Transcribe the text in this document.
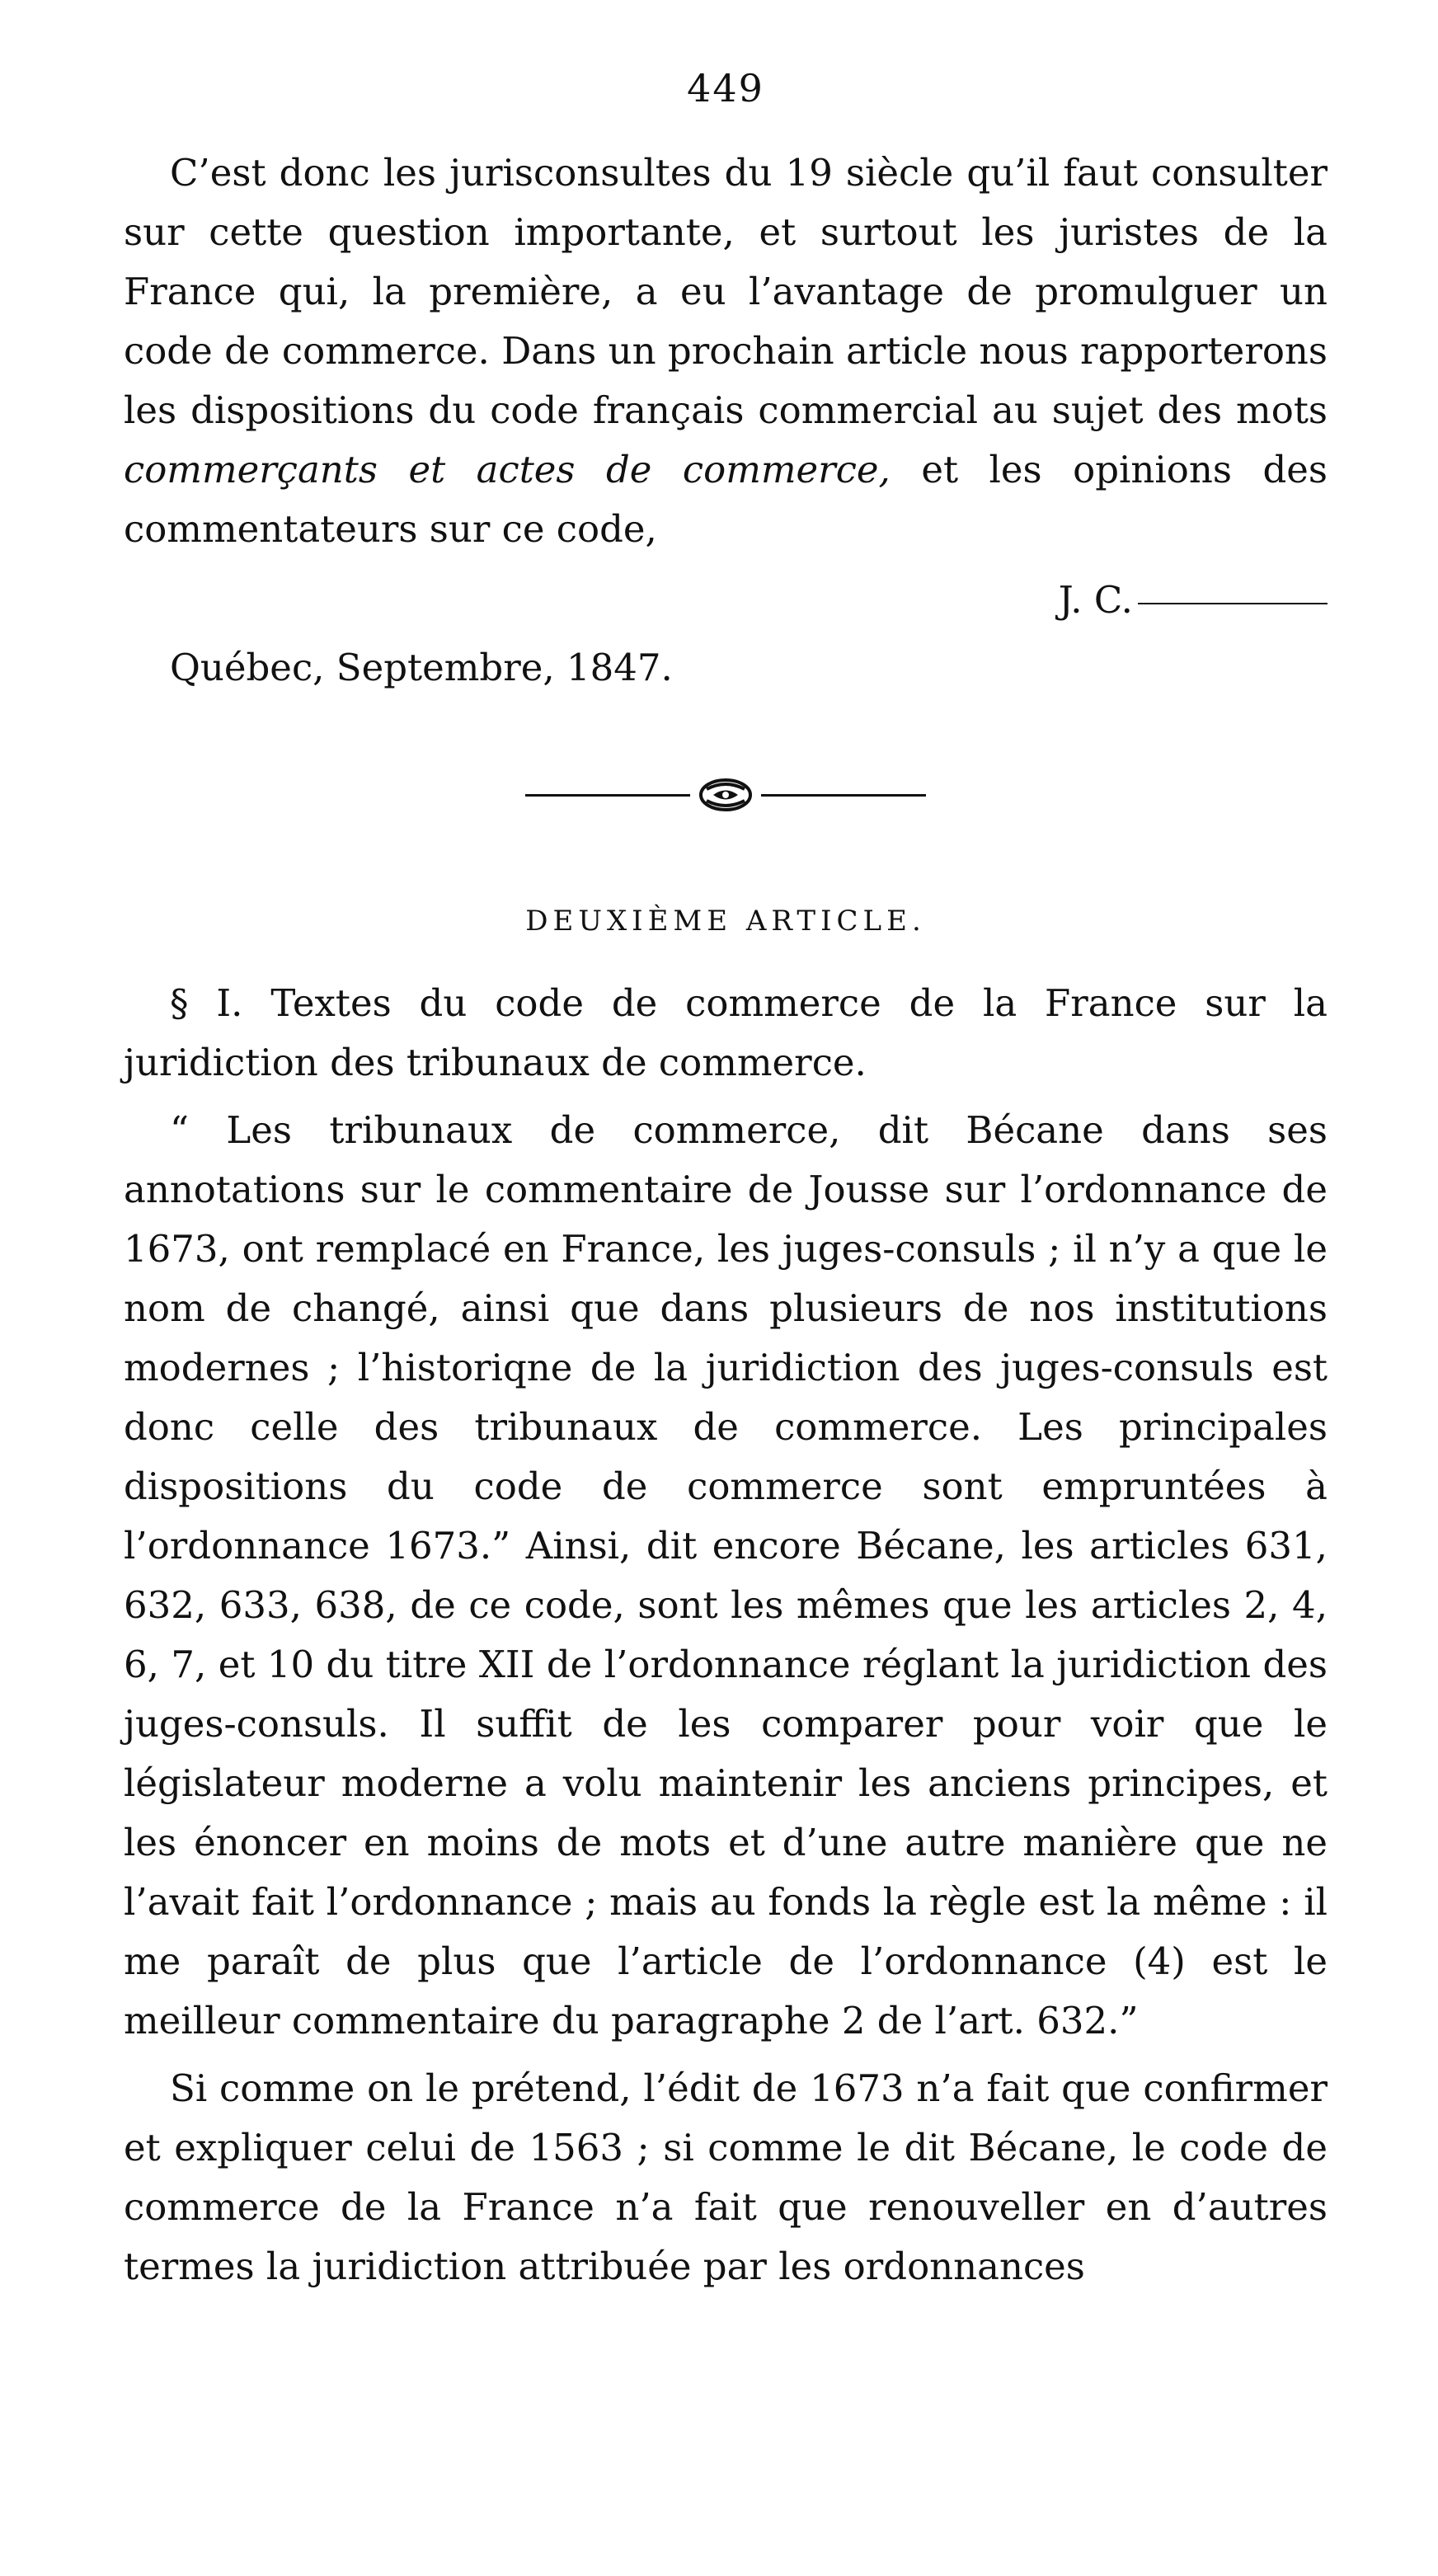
449

C’est donc les jurisconsultes du 19 siècle qu’il faut consulter sur cette question importante, et surtout les juristes de la France qui, la première, a eu l’avantage de promulguer un code de commerce. Dans un prochain article nous rapporterons les dispositions du code français commercial au sujet des mots commerçants et actes de commerce, et les opinions des commentateurs sur ce code,

J. C.
Québec, Septembre, 1847.
DEUXIÈME ARTICLE.

§ I. Textes du code de commerce de la France sur la juridiction des tribunaux de commerce.

“ Les tribunaux de commerce, dit Bécane dans ses annotations sur le commentaire de Jousse sur l’ordonnance de 1673, ont remplacé en France, les juges-consuls ; il n’y a que le nom de changé, ainsi que dans plusieurs de nos institutions modernes ; l’historiqne de la juridiction des juges-consuls est donc celle des tribunaux de commerce. Les principales dispositions du code de commerce sont empruntées à l’ordonnance 1673.” Ainsi, dit encore Bécane, les articles 631, 632, 633, 638, de ce code, sont les mêmes que les articles 2, 4, 6, 7, et 10 du titre XII de l’ordonnance réglant la juridiction des juges-consuls. Il suffit de les comparer pour voir que le législateur moderne a volu maintenir les anciens principes, et les énoncer en moins de mots et d’une autre manière que ne l’avait fait l’ordonnance ; mais au fonds la règle est la même : il me paraît de plus que l’article de l’ordonnance (4) est le meilleur commentaire du paragraphe 2 de l’art. 632.”

Si comme on le prétend, l’édit de 1673 n’a fait que confirmer et expliquer celui de 1563 ; si comme le dit Bécane, le code de commerce de la France n’a fait que renouveller en d’autres termes la juridiction attribuée par les ordonnances
